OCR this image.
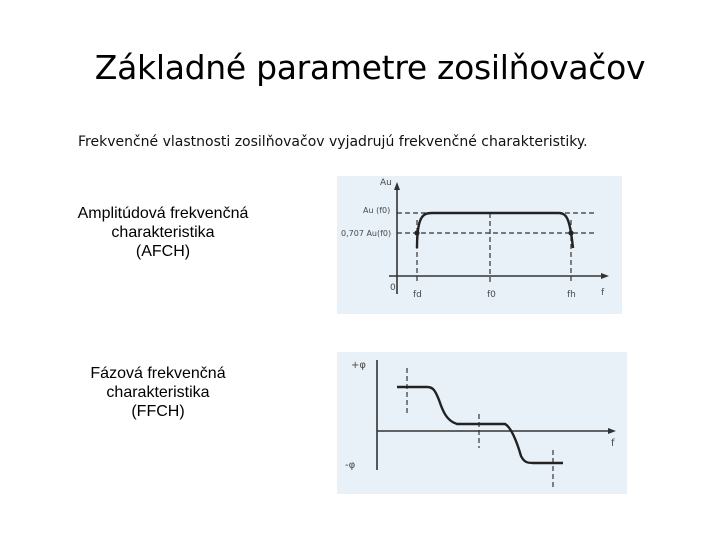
Základné parametre zosilňovačov
Frekvenčné vlastnosti zosilňovačov vyjadrujú frekvenčné charakteristiky.
Amplitúdová frekvenčná
charakteristika
(AFCH)
Fázová frekvenčná
charakteristika
(FFCH)
Au
f
0
Au (f0)
0,707 Au(f0)
fd	f0	fh
+φ
-φ
f
